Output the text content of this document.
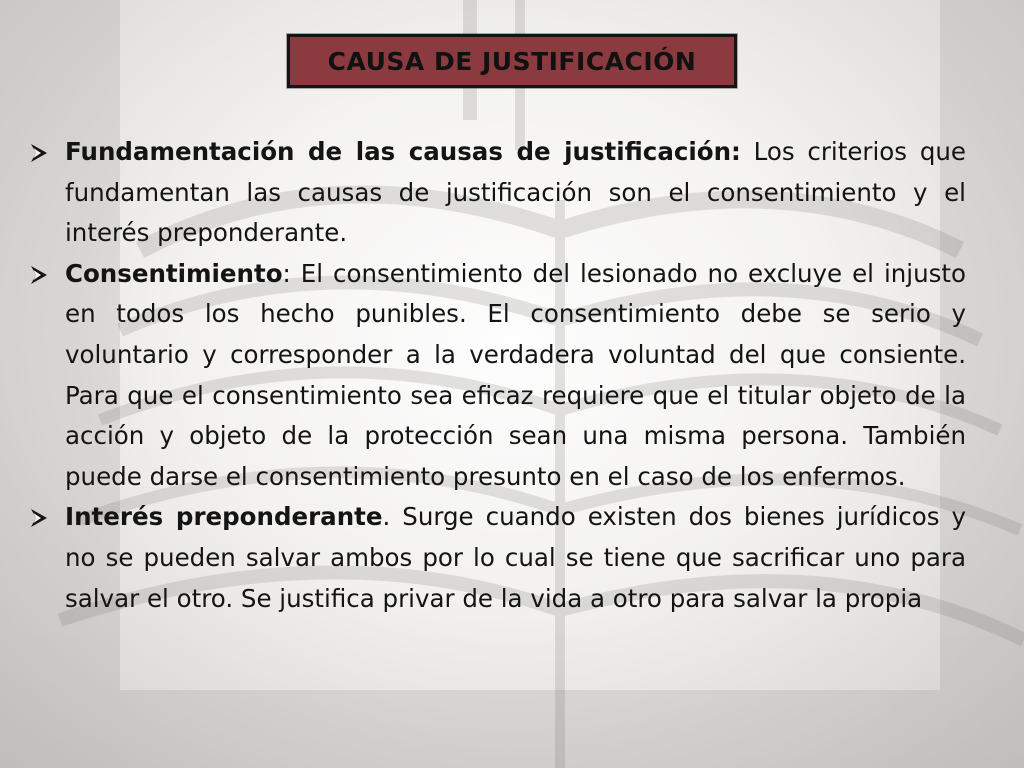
CAUSA DE JUSTIFICACIÓN

Fundamentación de las causas de justificación: Los criterios que fundamentan las causas de justificación son el consentimiento y el interés preponderante.

Consentimiento: El consentimiento del lesionado no excluye el injusto en todos los hecho punibles. El consentimiento debe se serio y voluntario y corresponder a la verdadera voluntad del que consiente. Para que el consentimiento sea eficaz requiere que el titular objeto de la acción y objeto de la protección sean una misma persona. También puede darse el consentimiento presunto en el caso de los enfermos.

Interés preponderante. Surge cuando existen dos bienes jurídicos y no se pueden salvar ambos por lo cual se tiene que sacrificar uno para salvar el otro. Se justifica privar de la vida a otro para salvar la propia
